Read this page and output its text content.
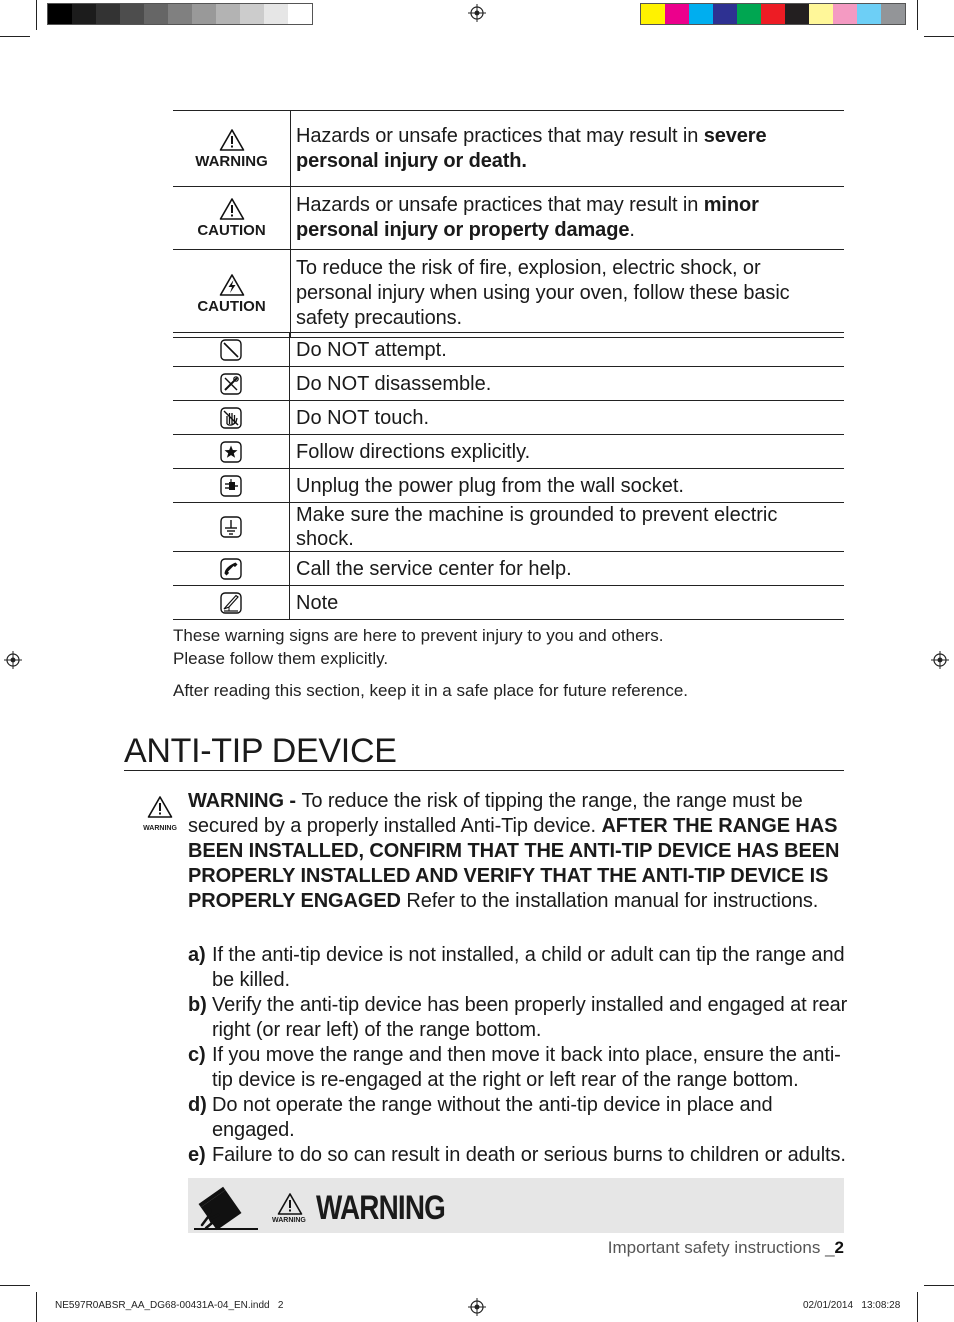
WARNING	Hazards or unsafe practices that may result in severe personal injury or death.

CAUTION	Hazards or unsafe practices that may result in minor personal injury or property damage.

CAUTION	To reduce the risk of fire, explosion, electric shock, or personal injury when using your oven, follow these basic safety precautions.
	Do NOT attempt.
	Do NOT disassemble.
	Do NOT touch.
	Follow directions explicitly.
	Unplug the power plug from the wall socket.
	Make sure the machine is grounded to prevent electric shock.
	Call the service center for help.
	Note
These warning signs are here to prevent injury to you and others.
Please follow them explicitly.
After reading this section, keep it in a safe place for future reference.
ANTI-TIP DEVICE
WARNING
WARNING - To reduce the risk of tipping the range, the range must be secured by a properly installed Anti-Tip device. AFTER THE RANGE HAS BEEN INSTALLED, CONFIRM THAT THE ANTI-TIP DEVICE HAS BEEN PROPERLY INSTALLED AND VERIFY THAT THE ANTI-TIP DEVICE IS PROPERLY ENGAGED Refer to the installation manual for instructions.
a) If the anti-tip device is not installed, a child or adult can tip the range and be killed.
b) Verify the anti-tip device has been properly installed and engaged at rear right (or rear left) of the range bottom.
c) If you move the range and then move it back into place, ensure the anti-tip device is re-engaged at the right or left rear of the range bottom.
d) Do not operate the range without the anti-tip device in place and engaged.
e) Failure to do so can result in death or serious burns to children or adults.
WARNING WARNING
Important safety instructions _2
NE597R0ABSR_AA_DG68-00431A-04_EN.indd   2	02/01/2014   13:08:28
